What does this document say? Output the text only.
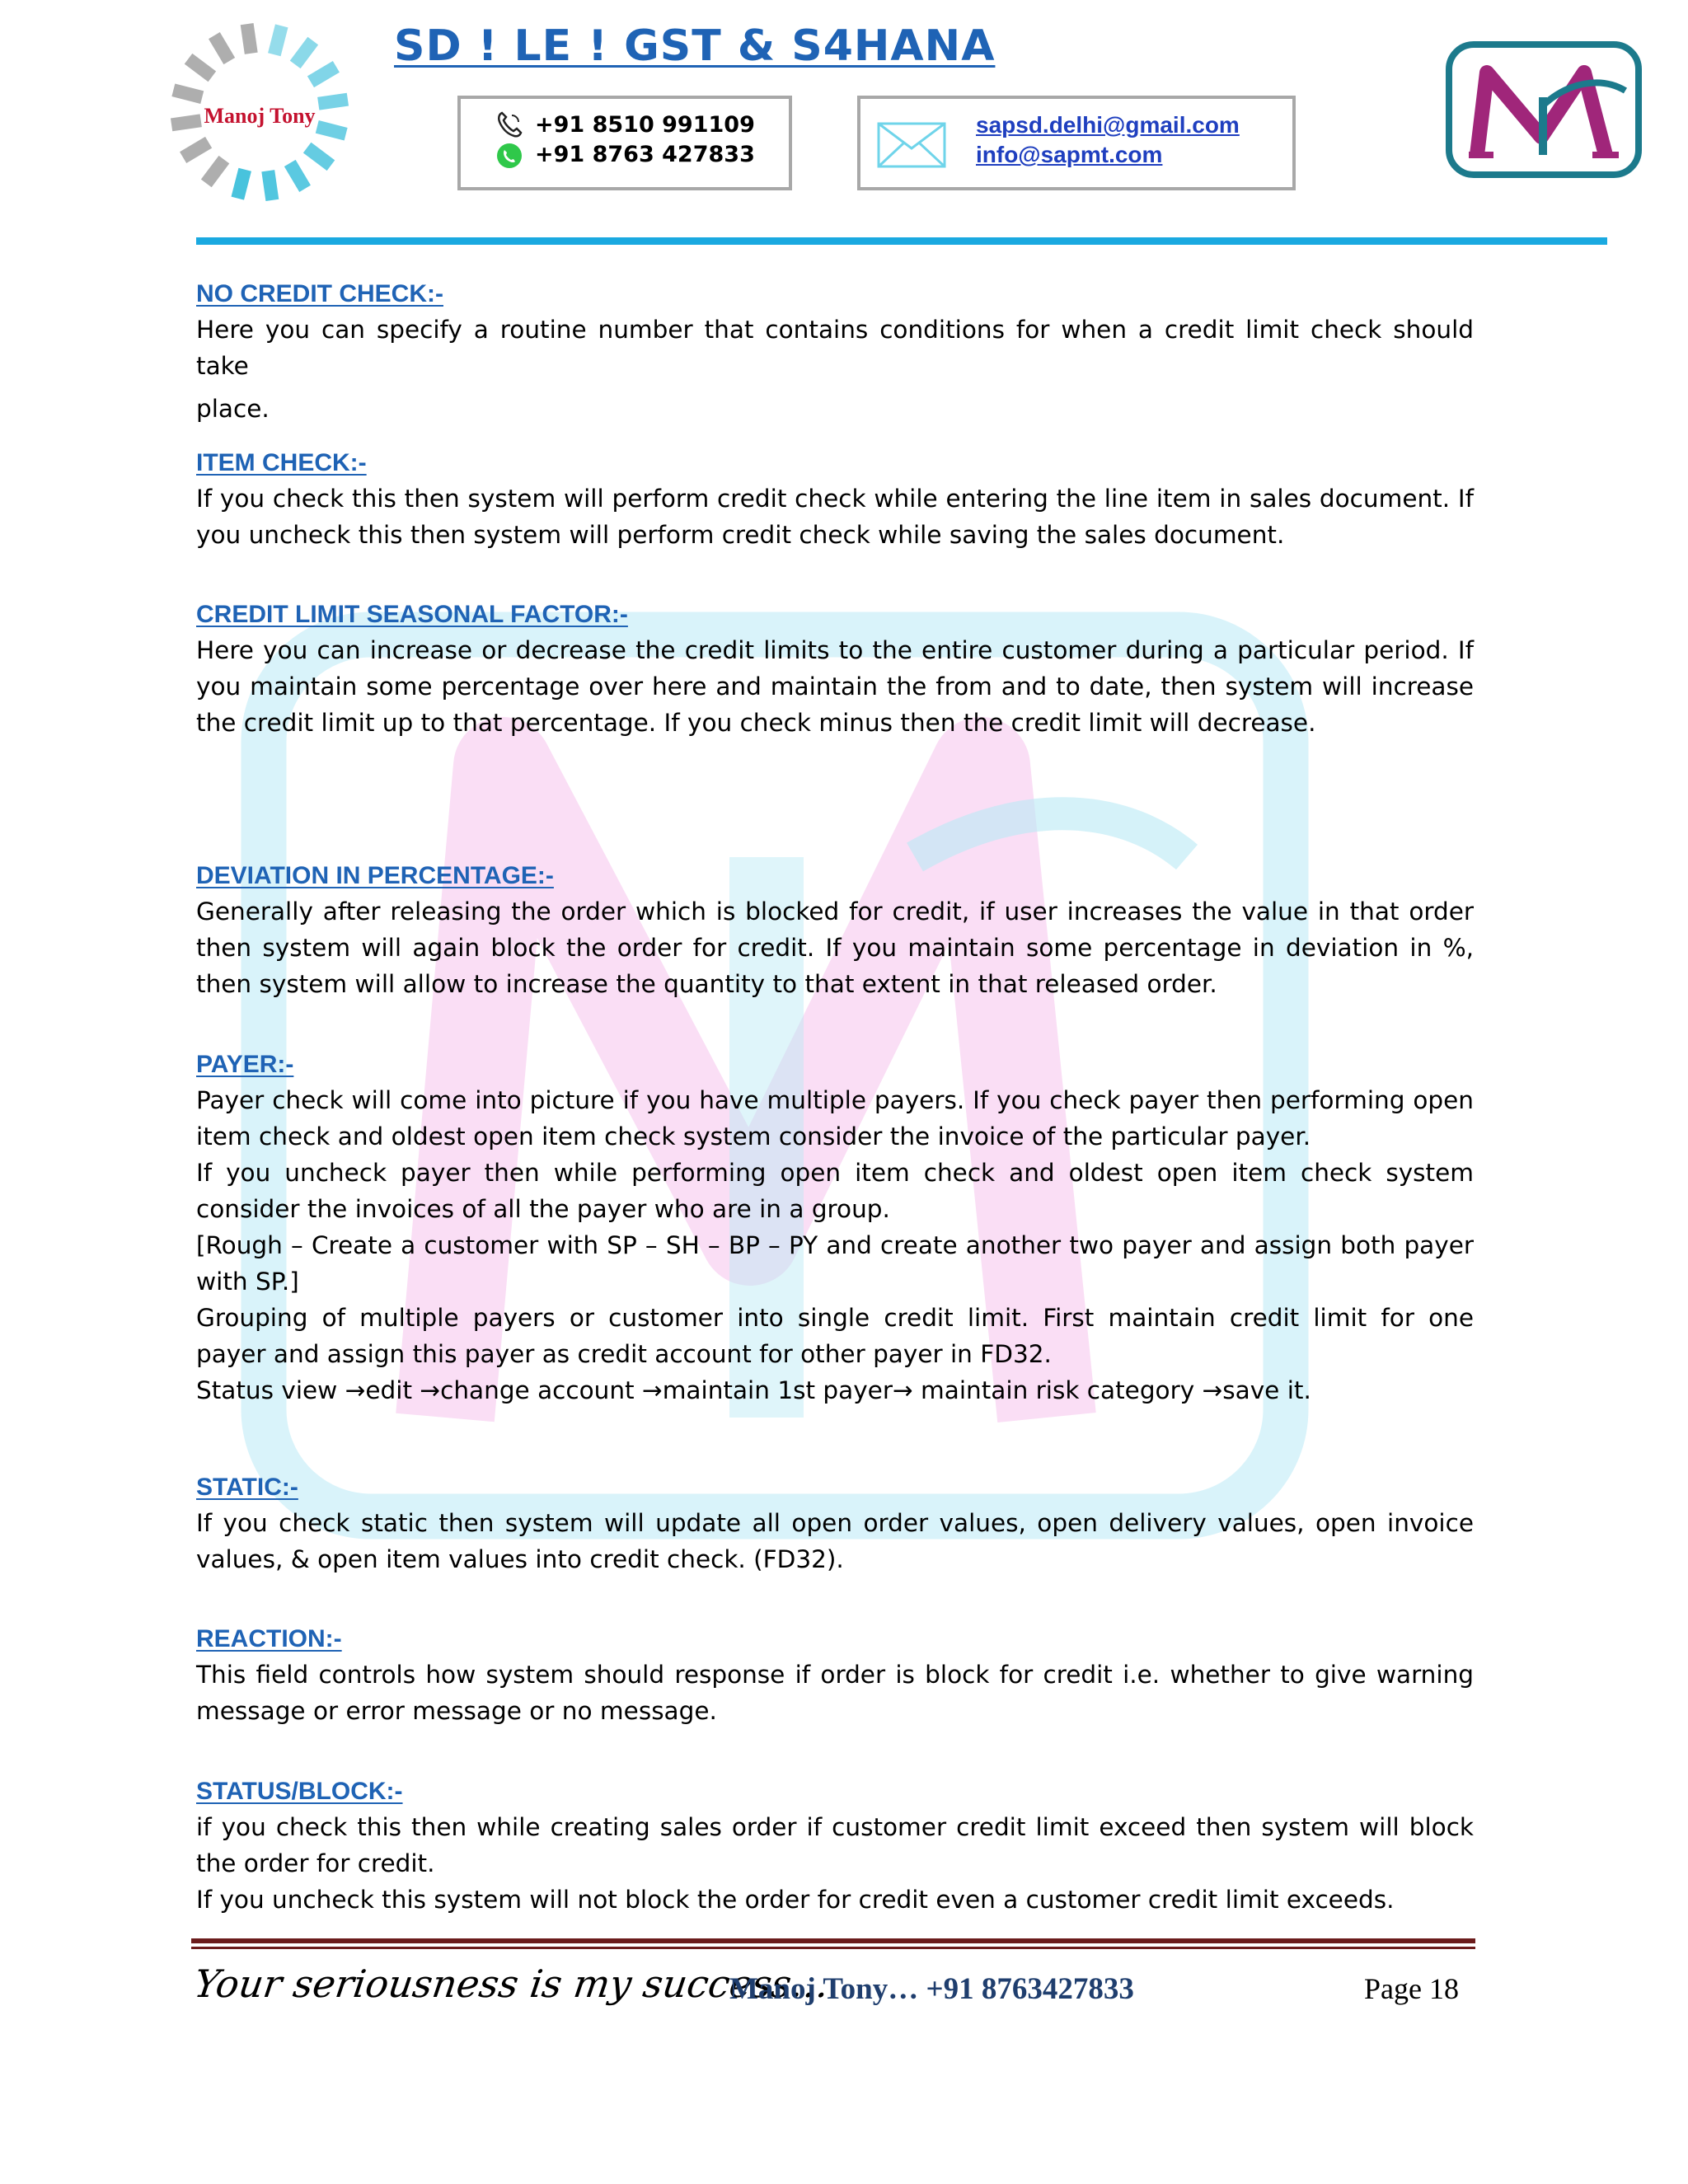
Manoj Tony
SD ! LE ! GST & S4HANA
+91 8510 991109
+91 8763 427833
sapsd.delhi@gmail.com
info@sapmt.com
NO CREDIT CHECK:-
Here you can specify a routine number that contains conditions for when a credit limit check should take
place.
ITEM CHECK:-
If you check this then system will perform credit check while entering the line item in sales document. If
you uncheck this then system will perform credit check while saving the sales document.
CREDIT LIMIT SEASONAL FACTOR:-
Here you can increase or decrease the credit limits to the entire customer during a particular period. If
you maintain some percentage over here and maintain the from and to date, then system will increase
the credit limit up to that percentage. If you check minus then the credit limit will decrease.
DEVIATION IN PERCENTAGE:-
Generally after releasing the order which is blocked for credit, if user increases the value in that order
then system will again block the order for credit. If you maintain some percentage in deviation in %,
then system will allow to increase the quantity to that extent in that released order.
PAYER:-
Payer check will come into picture if you have multiple payers. If you check payer then performing open
item check and oldest open item check system consider the invoice of the particular payer.
If you uncheck payer then while performing open item check and oldest open item check system
consider the invoices of all the payer who are in a group.
[Rough – Create a customer with SP – SH – BP – PY and create another two payer and assign both payer
with SP.]
Grouping of multiple payers or customer into single credit limit. First maintain credit limit for one
payer and assign this payer as credit account for other payer in FD32.
Status view →edit →change account →maintain 1st payer→ maintain risk category →save it.
STATIC:-
If you check static then system will update all open order values, open delivery values, open invoice
values, & open item values into credit check. (FD32).
REACTION:-
This field controls how system should response if order is block for credit i.e. whether to give warning
message or error message or no message.
STATUS/BLOCK:-
if you check this then while creating sales order if customer credit limit exceed then system will block
the order for credit.
If you uncheck this system will not block the order for credit even a customer credit limit exceeds.
Your seriousness is my success…
Manoj Tony… +91 8763427833	Page 18
